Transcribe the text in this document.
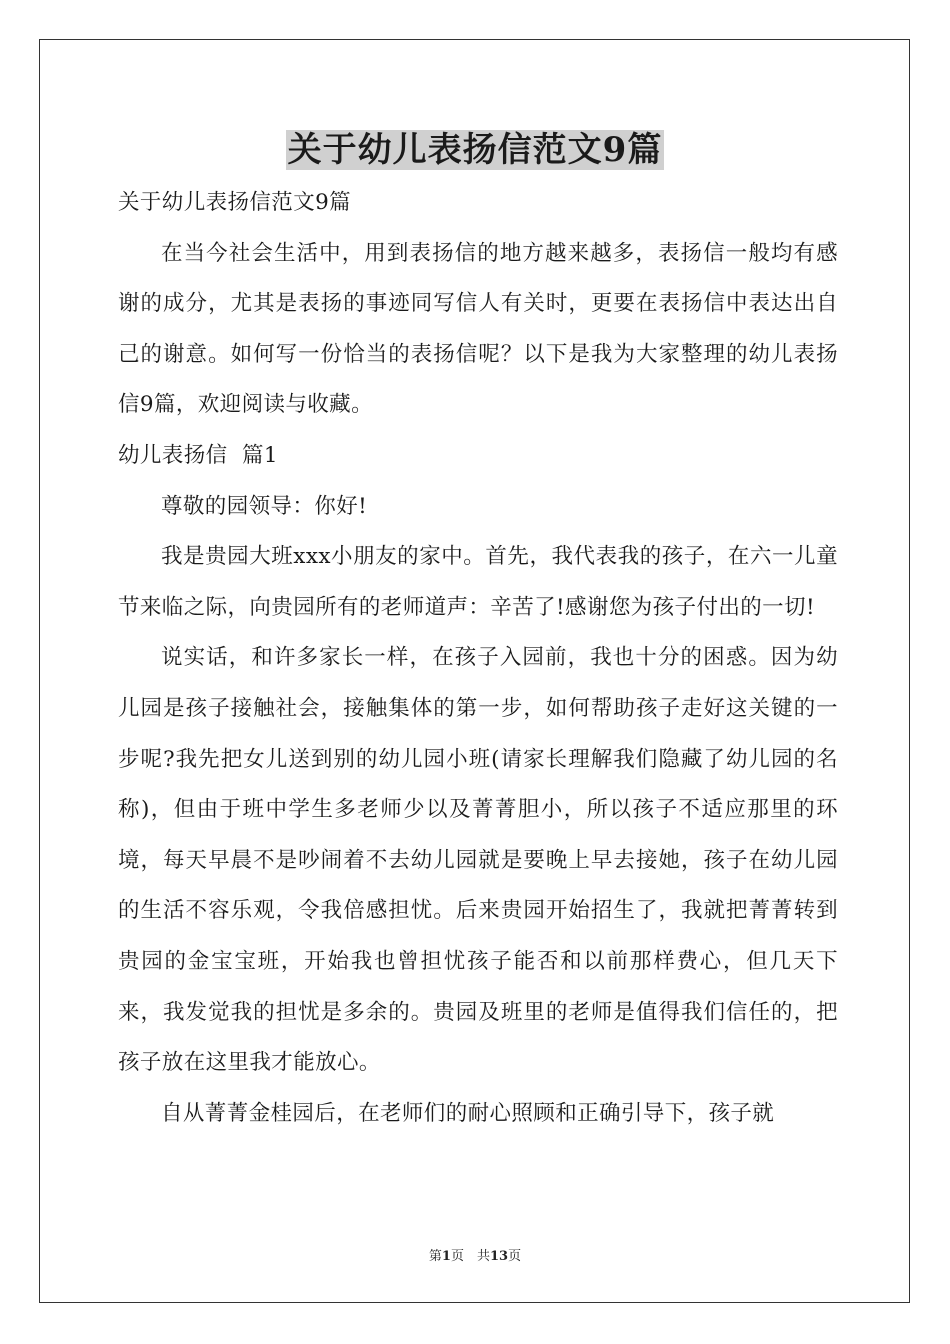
关于幼儿表扬信范文9篇

关于幼儿表扬信范文9篇

在当今社会生活中，用到表扬信的地方越来越多，表扬信一般均有感谢的成分，尤其是表扬的事迹同写信人有关时，更要在表扬信中表达出自己的谢意。如何写一份恰当的表扬信呢？以下是我为大家整理的幼儿表扬信9篇，欢迎阅读与收藏。

幼儿表扬信  篇1

尊敬的园领导：你好!

我是贵园大班xxx小朋友的家中。首先，我代表我的孩子，在六一儿童节来临之际，向贵园所有的老师道声：辛苦了!感谢您为孩子付出的一切!

说实话，和许多家长一样，在孩子入园前，我也十分的困惑。因为幼儿园是孩子接触社会，接触集体的第一步，如何帮助孩子走好这关键的一步呢?我先把女儿送到别的幼儿园小班(请家长理解我们隐藏了幼儿园的名称)，但由于班中学生多老师少以及菁菁胆小，所以孩子不适应那里的环境，每天早晨不是吵闹着不去幼儿园就是要晚上早去接她，孩子在幼儿园的生活不容乐观，令我倍感担忧。后来贵园开始招生了，我就把菁菁转到贵园的金宝宝班，开始我也曾担忧孩子能否和以前那样费心，但几天下来，我发觉我的担忧是多余的。贵园及班里的老师是值得我们信任的，把孩子放在这里我才能放心。

自从菁菁金桂园后，在老师们的耐心照顾和正确引导下，孩子就

第1页　共13页
